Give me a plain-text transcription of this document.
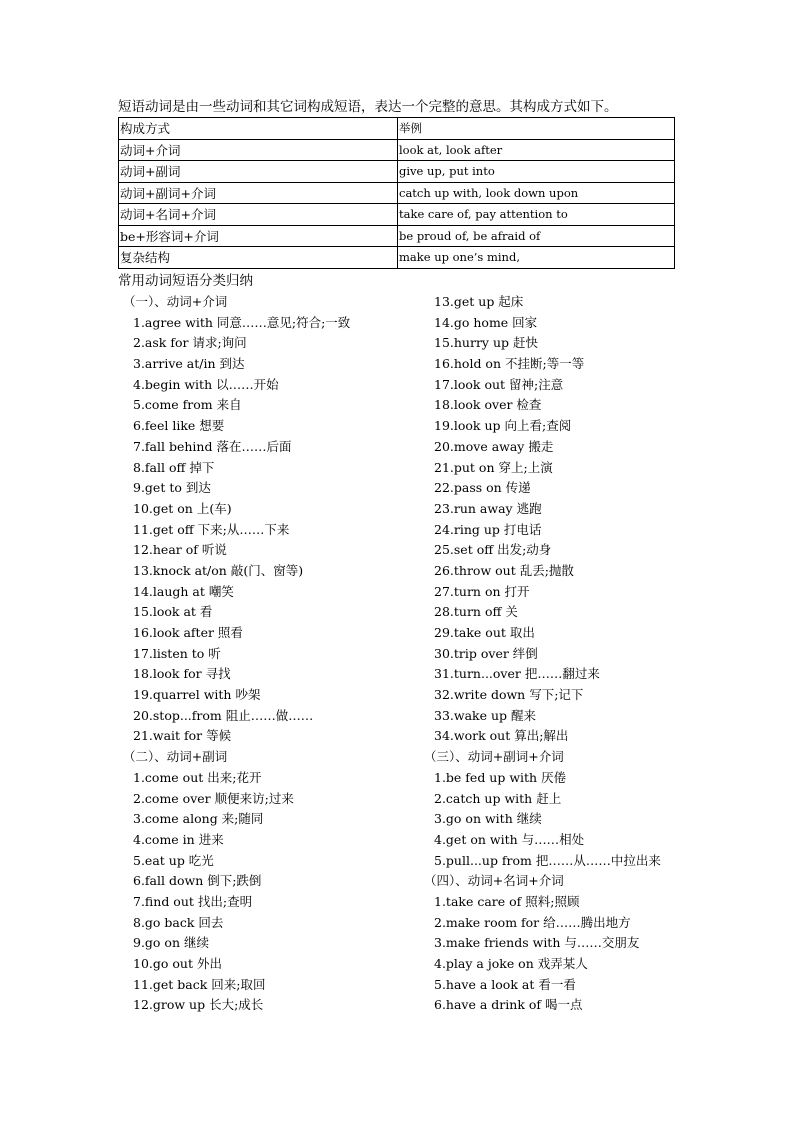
短语动词是由一些动词和其它词构成短语，表达一个完整的意思。其构成方式如下。
构成方式	举例
动词+介词	look at, look after
动词+副词	give up, put into
动词+副词+介词	catch up with, look down upon
动词+名词+介词	take care of, pay attention to
be+形容词+介词	be proud of, be afraid of
复杂结构	make up one’s mind,
常用动词短语分类归纳
（一）、动词+介词
1.agree with 同意……意见;符合;一致
2.ask for 请求;询问
3.arrive at/in 到达
4.begin with 以……开始
5.come from 来自
6.feel like 想要
7.fall behind 落在……后面
8.fall off 掉下
9.get to 到达
10.get on 上(车)
11.get off 下来;从……下来
12.hear of 听说
13.knock at/on 敲(门、窗等)
14.laugh at 嘲笑
15.look at 看
16.look after 照看
17.listen to 听
18.look for 寻找
19.quarrel with 吵架
20.stop...from 阻止……做……
21.wait for 等候
（二）、动词+副词
1.come out 出来;花开
2.come over 顺便来访;过来
3.come along 来;随同
4.come in 进来
5.eat up 吃光
6.fall down 倒下;跌倒
7.find out 找出;查明
8.go back 回去
9.go on 继续
10.go out 外出
11.get back 回来;取回
12.grow up 长大;成长
13.get up 起床
14.go home 回家
15.hurry up 赶快
16.hold on 不挂断;等一等
17.look out 留神;注意
18.look over 检查
19.look up 向上看;查阅
20.move away 搬走
21.put on 穿上;上演
22.pass on 传递
23.run away 逃跑
24.ring up 打电话
25.set off 出发;动身
26.throw out 乱丢;抛散
27.turn on 打开
28.turn off 关
29.take out 取出
30.trip over 绊倒
31.turn...over 把……翻过来
32.write down 写下;记下
33.wake up 醒来
34.work out 算出;解出
（三）、动词+副词+介词
1.be fed up with 厌倦
2.catch up with 赶上
3.go on with 继续
4.get on with 与……相处
5.pull...up from 把……从……中拉出来
（四）、动词+名词+介词
1.take care of 照料;照顾
2.make room for 给……腾出地方
3.make friends with 与……交朋友
4.play a joke on 戏弄某人
5.have a look at 看一看
6.have a drink of 喝一点
